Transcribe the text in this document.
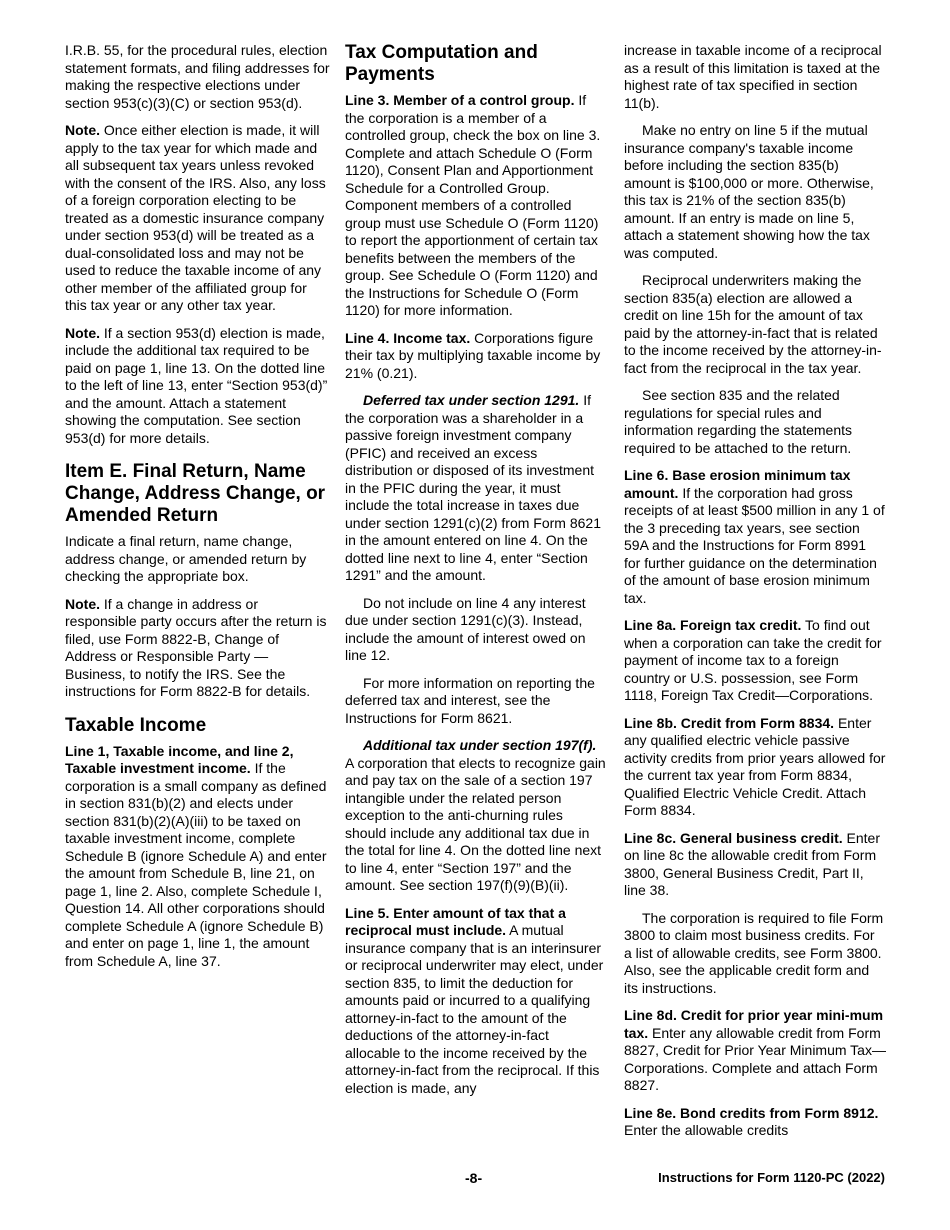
I.R.B. 55, for the procedural rules, election statement formats, and filing addresses for making the respective elections under section 953(c)(3)(C) or section 953(d).

Note. Once either election is made, it will apply to the tax year for which made and all subsequent tax years unless revoked with the consent of the IRS. Also, any loss of a foreign corporation electing to be treated as a domestic insurance company under section 953(d) will be treated as a dual-consolidated loss and may not be used to reduce the taxable income of any other member of the affiliated group for this tax year or any other tax year.

Note. If a section 953(d) election is made, include the additional tax required to be paid on page 1, line 13. On the dotted line to the left of line 13, enter “Section 953(d)” and the amount. Attach a statement showing the computation. See section 953(d) for more details.

Item E. Final Return, Name Change, Address Change, or Amended Return

Indicate a final return, name change, address change, or amended return by checking the appropriate box.

Note. If a change in address or responsible party occurs after the return is filed, use Form 8822-B, Change of Address or Responsible Party — Business, to notify the IRS. See the instructions for Form 8822-B for details.

Taxable Income

Line 1, Taxable income, and line 2, Taxable investment income. If the corporation is a small company as defined in section 831(b)(2) and elects under section 831(b)(2)(A)(iii) to be taxed on taxable investment income, complete Schedule B (ignore Schedule A) and enter the amount from Schedule B, line 21, on page 1, line 2. Also, complete Schedule I, Question 14. All other corporations should complete Schedule A (ignore Schedule B) and enter on page 1, line 1, the amount from Schedule A, line 37.

Tax Computation and Payments

Line 3. Member of a control group. If the corporation is a member of a controlled group, check the box on line 3. Complete and attach Schedule O (Form 1120), Consent Plan and Apportionment Schedule for a Controlled Group. Component members of a controlled group must use Schedule O (Form 1120) to report the apportionment of certain tax benefits between the members of the group. See Schedule O (Form 1120) and the Instructions for Schedule O (Form 1120) for more information.

Line 4. Income tax. Corporations figure their tax by multiplying taxable income by 21% (0.21).

Deferred tax under section 1291. If the corporation was a shareholder in a passive foreign investment company (PFIC) and received an excess distribution or disposed of its investment in the PFIC during the year, it must include the total increase in taxes due under section 1291(c)(2) from Form 8621 in the amount entered on line 4. On the dotted line next to line 4, enter “Section 1291” and the amount.

Do not include on line 4 any interest due under section 1291(c)(3). Instead, include the amount of interest owed on line 12.

For more information on reporting the deferred tax and interest, see the Instructions for Form 8621.

Additional tax under section 197(f). A corporation that elects to recognize gain and pay tax on the sale of a section 197 intangible under the related person exception to the anti-churning rules should include any additional tax due in the total for line 4. On the dotted line next to line 4, enter “Section 197” and the amount. See section 197(f)(9)(B)(ii).

Line 5. Enter amount of tax that a reciprocal must include. A mutual insurance company that is an interinsurer or reciprocal underwriter may elect, under section 835, to limit the deduction for amounts paid or incurred to a qualifying attorney-in-fact to the amount of the deductions of the attorney-in-fact allocable to the income received by the attorney-in-fact from the reciprocal. If this election is made, any

increase in taxable income of a reciprocal as a result of this limitation is taxed at the highest rate of tax specified in section 11(b).

Make no entry on line 5 if the mutual insurance company's taxable income before including the section 835(b) amount is $100,000 or more. Otherwise, this tax is 21% of the section 835(b) amount. If an entry is made on line 5, attach a statement showing how the tax was computed.

Reciprocal underwriters making the section 835(a) election are allowed a credit on line 15h for the amount of tax paid by the attorney-in-fact that is related to the income received by the attorney-in-fact from the reciprocal in the tax year.

See section 835 and the related regulations for special rules and information regarding the statements required to be attached to the return.

Line 6. Base erosion minimum tax amount. If the corporation had gross receipts of at least $500 million in any 1 of the 3 preceding tax years, see section 59A and the Instructions for Form 8991 for further guidance on the determination of the amount of base erosion minimum tax.

Line 8a. Foreign tax credit. To find out when a corporation can take the credit for payment of income tax to a foreign country or U.S. possession, see Form 1118, Foreign Tax Credit—Corporations.

Line 8b. Credit from Form 8834. Enter any qualified electric vehicle passive activity credits from prior years allowed for the current tax year from Form 8834, Qualified Electric Vehicle Credit. Attach Form 8834.

Line 8c. General business credit. Enter on line 8c the allowable credit from Form 3800, General Business Credit, Part II, line 38.

The corporation is required to file Form 3800 to claim most business credits. For a list of allowable credits, see Form 3800. Also, see the applicable credit form and its instructions.

Line 8d. Credit for prior year mini-mum tax. Enter any allowable credit from Form 8827, Credit for Prior Year Minimum Tax—Corporations. Complete and attach Form 8827.

Line 8e. Bond credits from Form 8912. Enter the allowable credits

-8-	Instructions for Form 1120-PC (2022)
